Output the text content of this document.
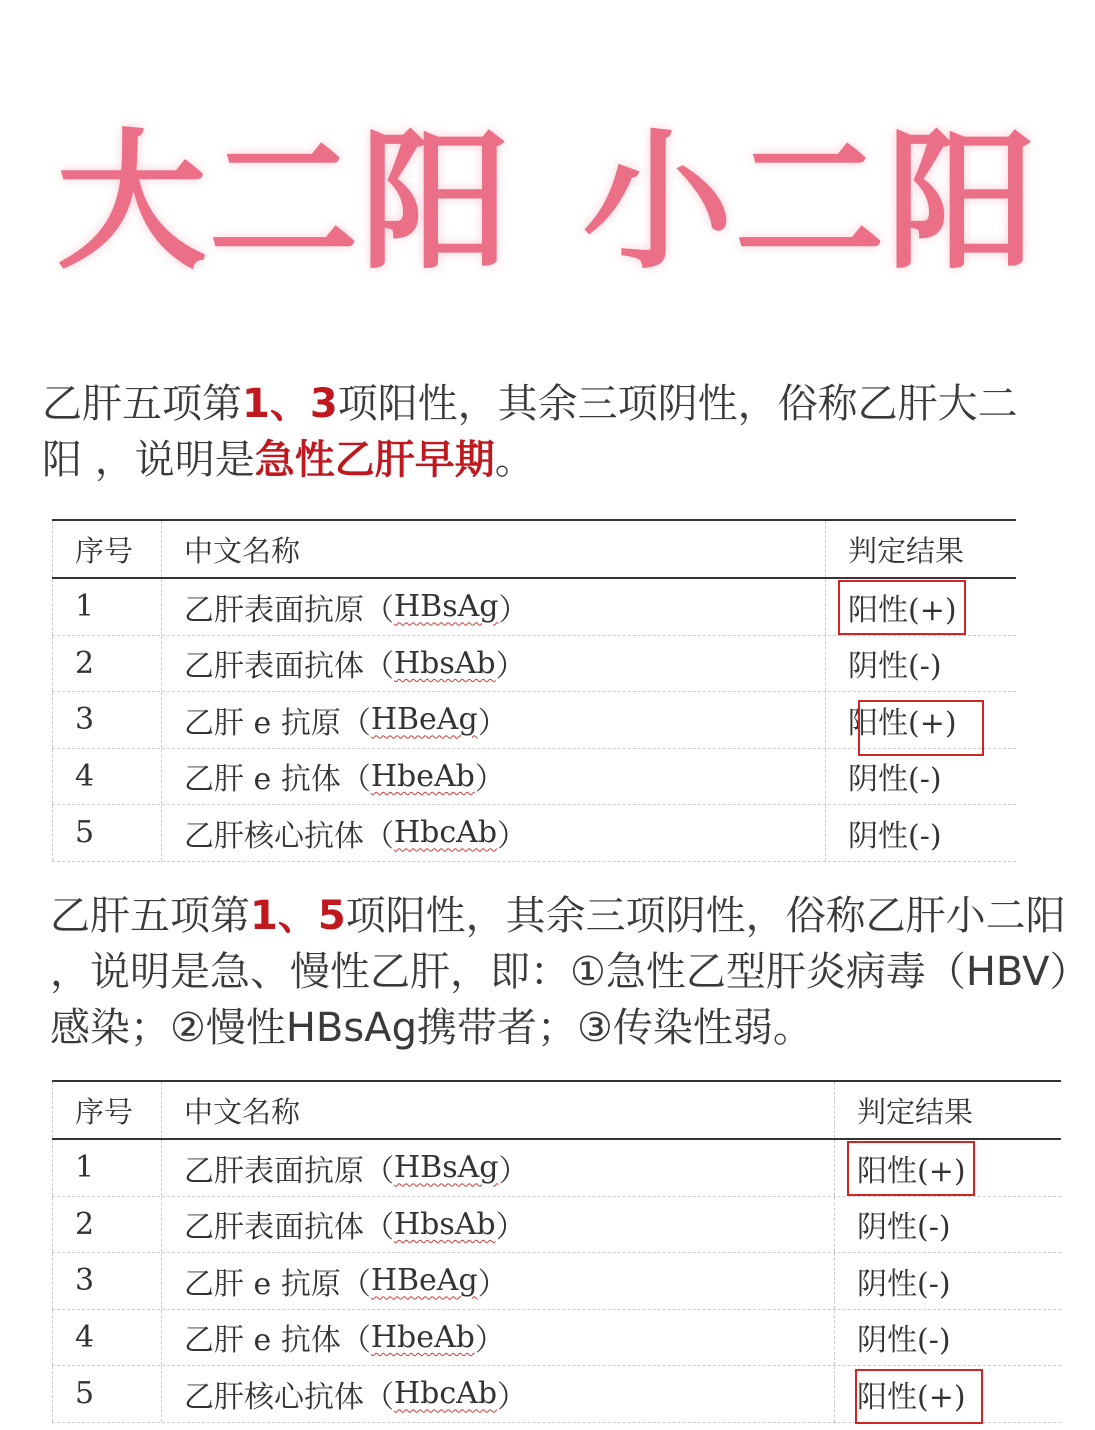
大二阳 小二阳

乙肝五项第1、3项阳性，其余三项阴性，俗称乙肝大二阳 ，说明是急性乙肝早期。

序号	中文名称	判定结果
1	乙肝表面抗原（ HBsAg ）	阳性(+)
2	乙肝表面抗体（ HbsAb ）	阴性(-)
3	乙肝 e 抗原（ HBeAg ）	阳性(+)
4	乙肝 e 抗体（ HbeAb ）	阴性(-)
5	乙肝核心抗体（ HbcAb ）	阴性(-)

乙肝五项第1、5项阳性，其余三项阴性，俗称乙肝小二阳 ，说明是急、慢性乙肝，即：①急性乙型肝炎病毒（HBV）感染；②慢性HBsAg携带者；③传染性弱。

序号	中文名称	判定结果
1	乙肝表面抗原（ HBsAg ）	阳性(+)
2	乙肝表面抗体（ HbsAb ）	阴性(-)
3	乙肝 e 抗原（ HBeAg ）	阴性(-)
4	乙肝 e 抗体（ HbeAb ）	阴性(-)
5	乙肝核心抗体（ HbcAb ）	阳性(+)
